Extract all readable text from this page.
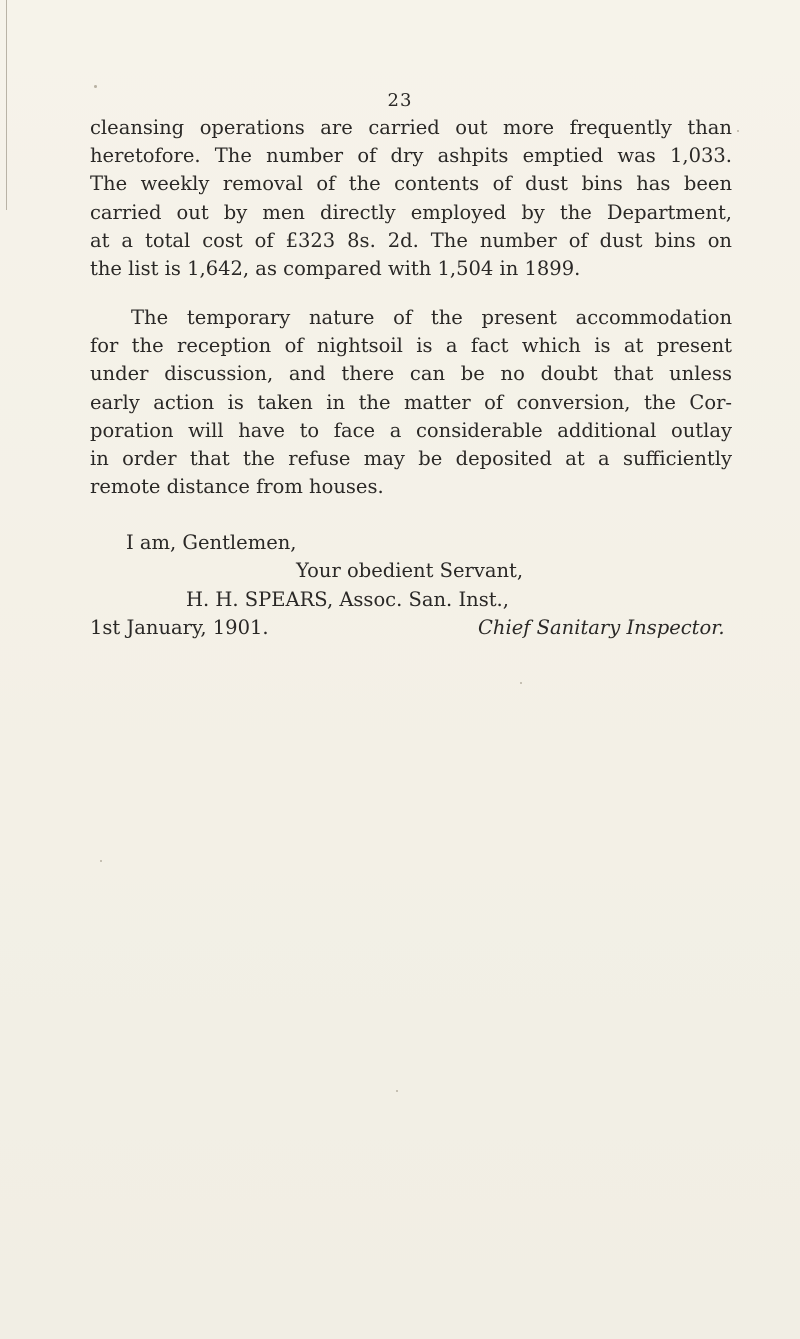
23
cleansing operations are carried out more frequently than
heretofore. The number of dry ashpits emptied was 1,033.
The weekly removal of the contents of dust bins has been
carried out by men directly employed by the Department,
at a total cost of £323 8s. 2d. The number of dust bins on
the list is 1,642, as compared with 1,504 in 1899.
The temporary nature of the present accommodation
for the reception of nightsoil is a fact which is at present
under discussion, and there can be no doubt that unless
early action is taken in the matter of conversion, the Cor-
poration will have to face a considerable additional outlay
in order that the refuse may be deposited at a sufficiently
remote distance from houses.
I am, Gentlemen,
Your obedient Servant,
H. H. SPEARS, Assoc. San. Inst.,
1st January, 1901.	Chief Sanitary Inspector.
